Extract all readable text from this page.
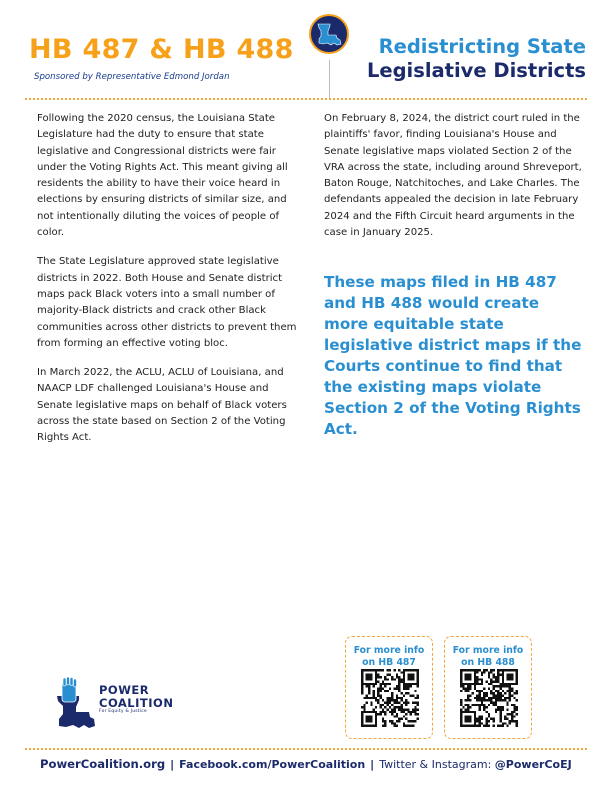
HB 487 & HB 488
Sponsored by Representative Edmond Jordan
Redistricting State
Legislative Districts

Following the 2020 census, the Louisiana State Legislature had the duty to ensure that state legislative and Congressional districts were fair under the Voting Rights Act. This meant giving all residents the ability to have their voice heard in elections by ensuring districts of similar size, and not intentionally diluting the voices of people of color.

The State Legislature approved state legislative districts in 2022. Both House and Senate district maps pack Black voters into a small number of majority-Black districts and crack other Black communities across other districts to prevent them from forming an effective voting bloc.

In March 2022, the ACLU, ACLU of Louisiana, and NAACP LDF challenged Louisiana's House and Senate legislative maps on behalf of Black voters across the state based on Section 2 of the Voting Rights Act.

On February 8, 2024, the district court ruled in the plaintiffs' favor, finding Louisiana's House and Senate legislative maps violated Section 2 of the VRA across the state, including around Shreveport, Baton Rouge, Natchitoches, and Lake Charles. The defendants appealed the decision in late February 2024 and the Fifth Circuit heard arguments in the case in January 2025.

These maps filed in HB 487 and HB 488 would create more equitable state legislative district maps if the Courts continue to find that the existing maps violate Section 2 of the Voting Rights Act.
For more info
on HB 487
For more info
on HB 488
POWER
COALITION
For Equity & Justice
PowerCoalition.org | Facebook.com/PowerCoalition | Twitter & Instagram: @PowerCoEJ
